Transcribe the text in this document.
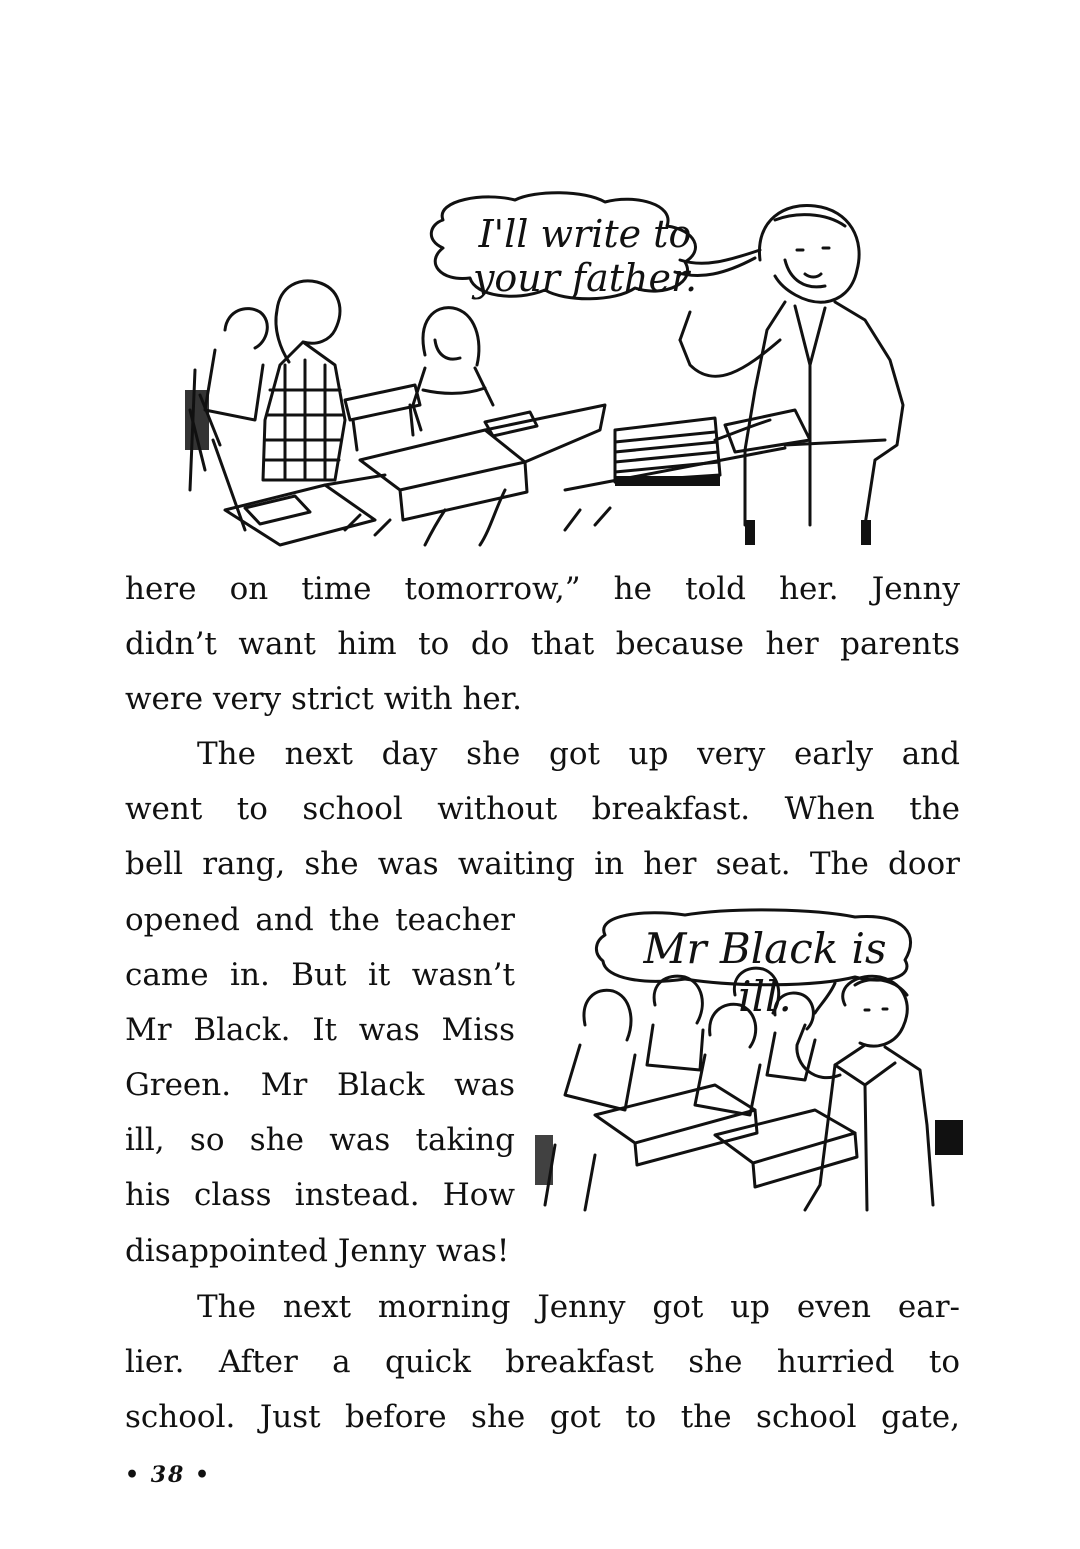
I'll write to
your father.
here on time tomorrow,” he told her. Jenny
didn’t want him to do that because her parents
were very strict with her.
The next day she got up very early and
went to school without breakfast. When the
bell rang, she was waiting in her seat. The door
opened and the teacher
came in. But it wasn’t
Mr Black. It was Miss
Green. Mr Black was
ill, so she was taking
his class instead. How
disappointed Jenny was!
Mr Black is ill.
The next morning Jenny got up even ear-
lier. After a quick breakfast she hurried to
school. Just before she got to the school gate,
• 38 •
